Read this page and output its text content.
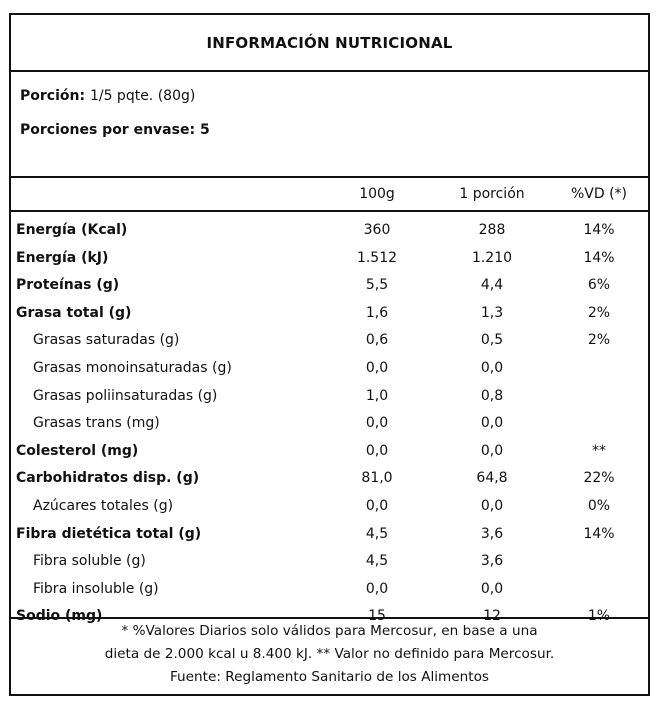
INFORMACIÓN NUTRICIONAL
Porción: 1/5 pqte. (80g)
Porciones por envase: 5
100g	1 porción	%VD (*)
Energía (Kcal)	360	288	14%
Energía (kJ)	1.512	1.210	14%
Proteínas (g)	5,5	4,4	6%
Grasa total (g)	1,6	1,3	2%
Grasas saturadas (g)	0,6	0,5	2%
Grasas monoinsaturadas (g)	0,0	0,0
Grasas poliinsaturadas (g)	1,0	0,8
Grasas trans (mg)	0,0	0,0
Colesterol (mg)	0,0	0,0	**
Carbohidratos disp. (g)	81,0	64,8	22%
Azúcares totales (g)	0,0	0,0	0%
Fibra dietética total (g)	4,5	3,6	14%
Fibra soluble (g)	4,5	3,6
Fibra insoluble (g)	0,0	0,0
Sodio (mg)	15	12	1%
* %Valores Diarios solo válidos para Mercosur, en base a una
dieta de 2.000 kcal u 8.400 kJ. ** Valor no definido para Mercosur.
Fuente: Reglamento Sanitario de los Alimentos
